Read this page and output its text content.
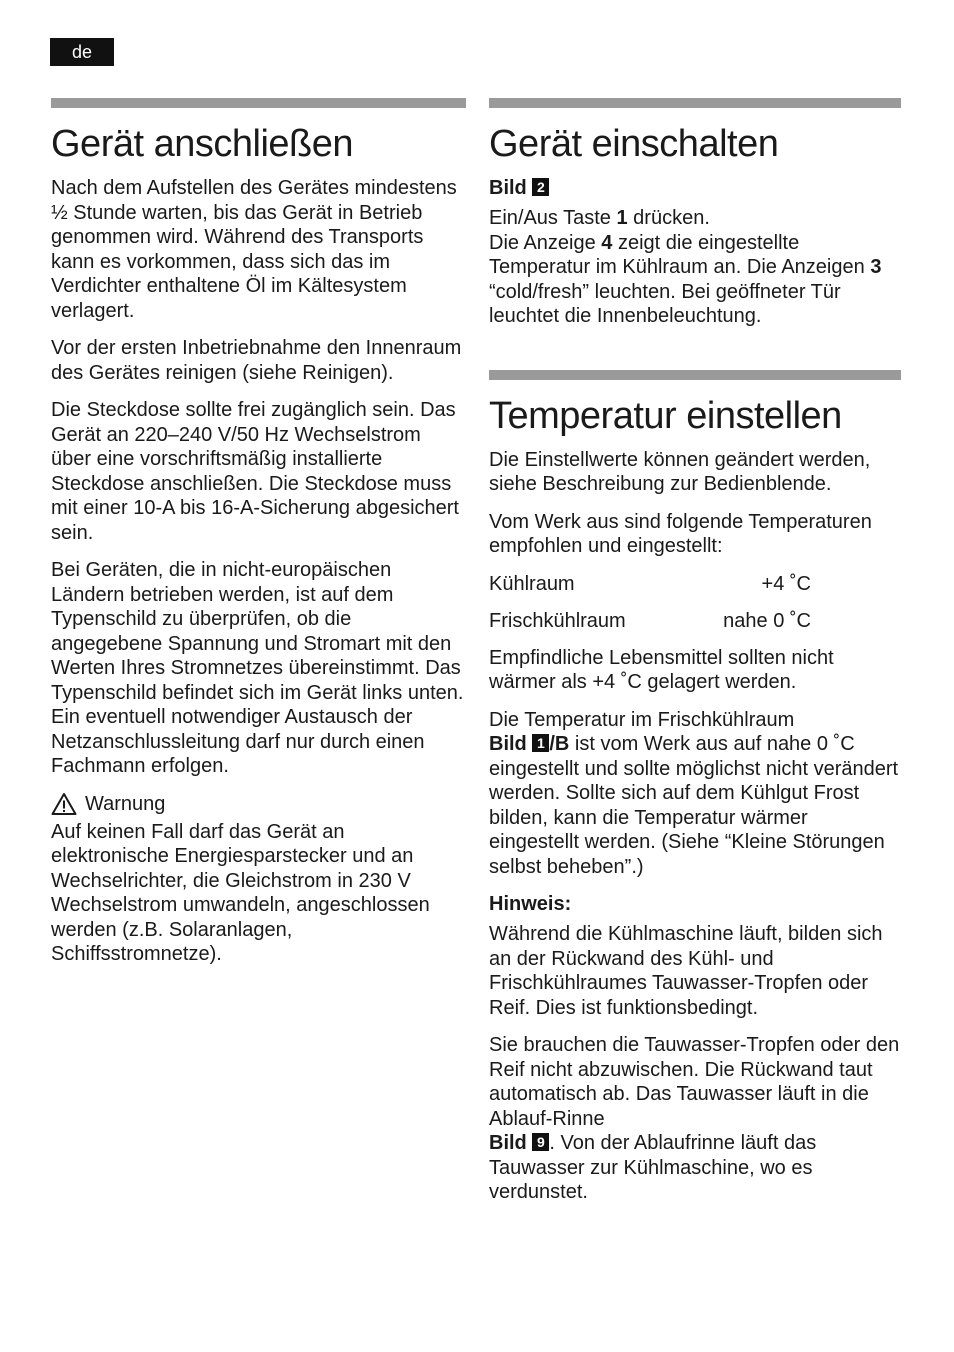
de
Gerät anschließen

Nach dem Aufstellen des Gerätes mindestens ½ Stunde warten, bis das Gerät in Betrieb genommen wird. Während des Transports kann es vorkommen, dass sich das im Verdichter enthaltene Öl im Kältesystem verlagert.

Vor der ersten Inbetriebnahme den Innenraum des Gerätes reinigen (siehe Reinigen).

Die Steckdose sollte frei zugänglich sein. Das Gerät an 220–240 V/50 Hz Wechselstrom über eine vorschriftsmäßig installierte Steckdose anschließen. Die Steckdose muss mit einer 10-A bis 16-A-Sicherung abgesichert sein.

Bei Geräten, die in nicht-europäischen Ländern betrieben werden, ist auf dem Typenschild zu überprüfen, ob die angegebene Spannung und Stromart mit den Werten Ihres Stromnetzes übereinstimmt. Das Typenschild befindet sich im Gerät links unten. Ein eventuell notwendiger Austausch der Netzanschlussleitung darf nur durch einen Fachmann erfolgen.

Warnung

Auf keinen Fall darf das Gerät an elektronische Energiesparstecker und an Wechselrichter, die Gleichstrom in 230 V Wechselstrom umwandeln, angeschlossen werden (z.B. Solaranlagen, Schiffsstromnetze).

Gerät einschalten
Bild 2

Ein/Aus Taste 1 drücken.
Die Anzeige 4 zeigt die eingestellte Temperatur im Kühlraum an. Die Anzeigen 3 “cold/fresh” leuchten. Bei geöffneter Tür leuchtet die Innenbeleuchtung.

Temperatur einstellen

Die Einstellwerte können geändert werden, siehe Beschreibung zur Bedienblende.

Vom Werk aus sind folgende Temperaturen empfohlen und eingestellt:

Kühlraum	+4 ˚C
Frischkühlraum	nahe 0 ˚C

Empfindliche Lebensmittel sollten nicht wärmer als +4 ˚C gelagert werden.

Die Temperatur im Frischkühlraum
Bild 1 /B ist vom Werk aus auf nahe 0 ˚C eingestellt und sollte möglichst nicht verändert werden. Sollte sich auf dem Kühlgut Frost bilden, kann die Temperatur wärmer eingestellt werden. (Siehe “Kleine Störungen selbst beheben”.)

Hinweis:

Während die Kühlmaschine läuft, bilden sich an der Rückwand des Kühl- und Frischkühlraumes Tauwasser-Tropfen oder Reif. Dies ist funktionsbedingt.

Sie brauchen die Tauwasser-Tropfen oder den Reif nicht abzuwischen. Die Rückwand taut automatisch ab. Das Tauwasser läuft in die Ablauf-Rinne
Bild 9 . Von der Ablaufrinne läuft das Tauwasser zur Kühlmaschine, wo es verdunstet.
